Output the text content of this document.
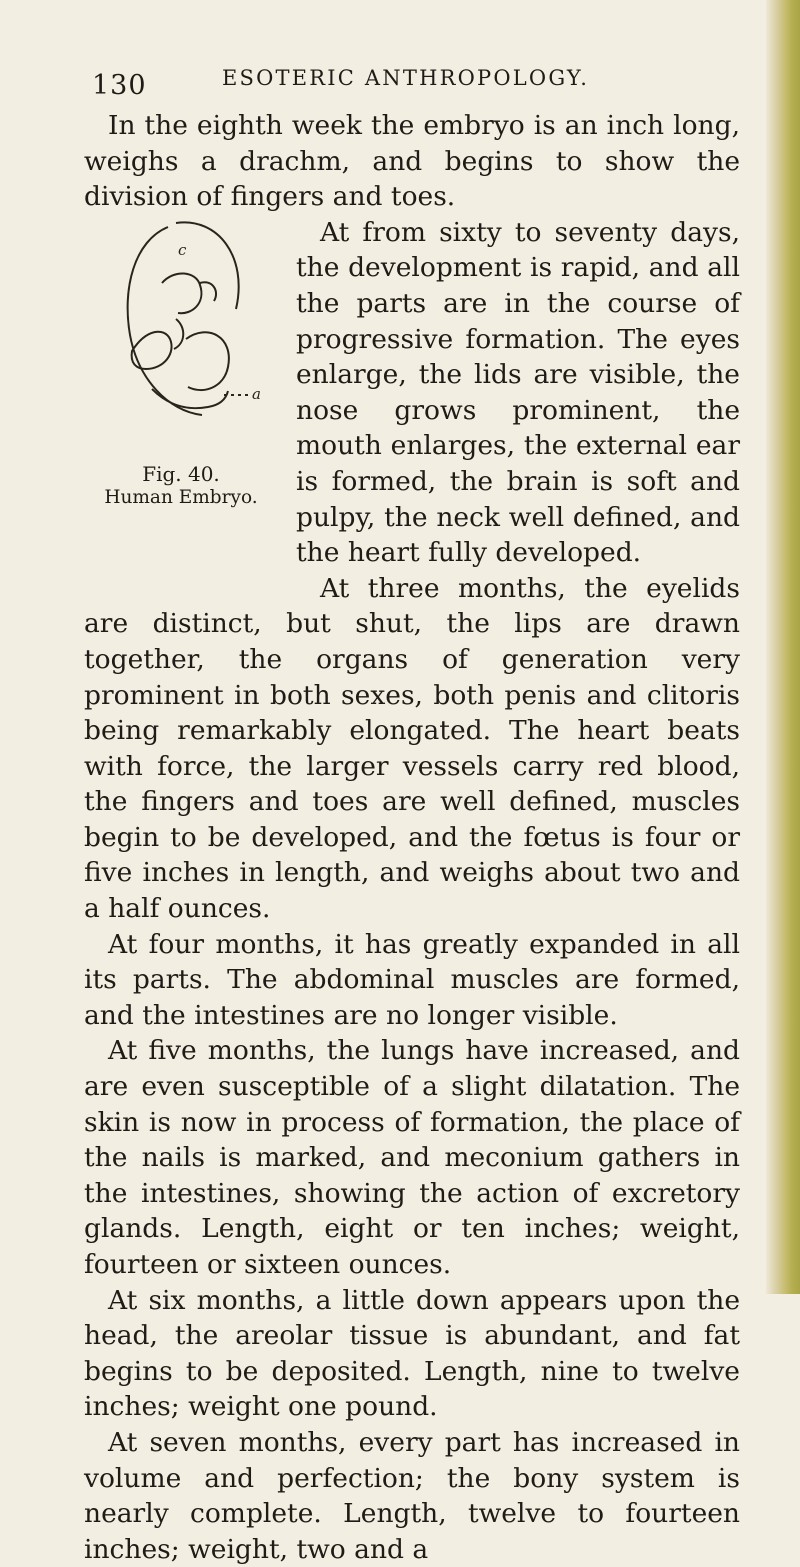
130	ESOTERIC ANTHROPOLOGY.

In the eighth week the embryo is an inch long, weighs a drachm, and begins to show the division of fingers and toes.

c
a
Fig. 40.
Human Embryo.

At from sixty to seventy days, the development is rapid, and all the parts are in the course of progressive formation. The eyes enlarge, the lids are visible, the nose grows prominent, the mouth enlarges, the external ear is formed, the brain is soft and pulpy, the neck well defined, and the heart fully developed.

At three months, the eyelids are distinct, but shut, the lips are drawn together, the organs of generation very prominent in both sexes, both penis and clitoris being remarkably elongated. The heart beats with force, the larger vessels carry red blood, the fingers and toes are well defined, muscles begin to be developed, and the fœtus is four or five inches in length, and weighs about two and a half ounces.

At four months, it has greatly expanded in all its parts. The abdominal muscles are formed, and the intestines are no longer visible.

At five months, the lungs have increased, and are even susceptible of a slight dilatation. The skin is now in process of formation, the place of the nails is marked, and meconium gathers in the intestines, showing the action of excretory glands. Length, eight or ten inches; weight, fourteen or sixteen ounces.

At six months, a little down appears upon the head, the areolar tissue is abundant, and fat begins to be deposited. Length, nine to twelve inches; weight one pound.

At seven months, every part has increased in volume and perfection; the bony system is nearly complete. Length, twelve to fourteen inches; weight, two and a
